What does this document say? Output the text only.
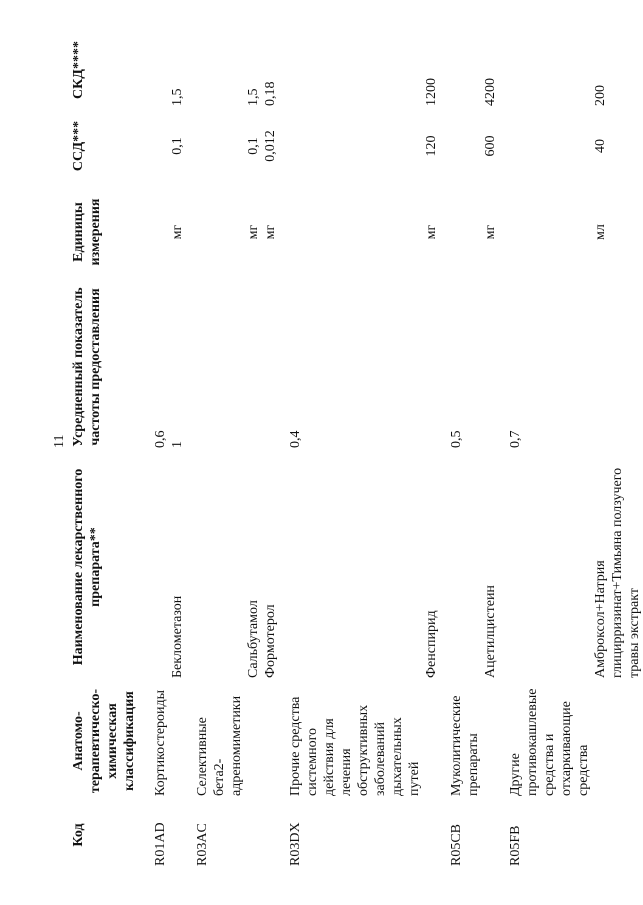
11
Код	Анатомо-терапевтическо-химическая классификация	Наименование лекарственного препарата**	Усредненный показатель частоты предоставления	Единицы измерения	ССД***	СКД****
R01AD	Кортикостероиды		0,6			
		Беклометазон	1	мг	0,1	1,5
R03AC	Селективные бета2-адреномиметики					
		Сальбутамол		мг	0,1	1,5
		Формотерол		мг	0,012	0,18
R03DX	Прочие средства системного действия для лечения обструктивных заболеваний дыхательных путей		0,4			
		Фенспирид		мг	120	1200
R05CB	Муколитические препараты		0,5			
		Ацетилцистеин		мг	600	4200
R05FB	Другие противокашлевые средства и отхаркивающие средства		0,7			
		Амброксол+Натрия глицирризинат+Тимьяна ползучего травы экстракт		мл	40	200
